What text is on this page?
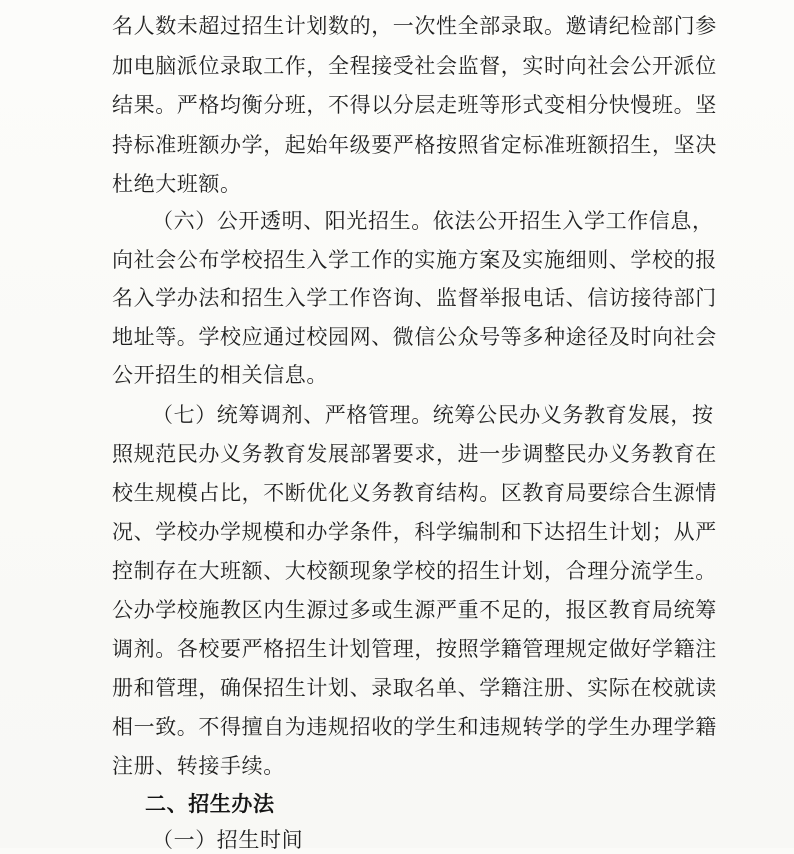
名人数未超过招生计划数的，一次性全部录取。邀请纪检部门参
加电脑派位录取工作，全程接受社会监督，实时向社会公开派位
结果。严格均衡分班，不得以分层走班等形式变相分快慢班。坚
持标准班额办学，起始年级要严格按照省定标准班额招生，坚决
杜绝大班额。
（六）公开透明、阳光招生。依法公开招生入学工作信息，
向社会公布学校招生入学工作的实施方案及实施细则、学校的报
名入学办法和招生入学工作咨询、监督举报电话、信访接待部门
地址等。学校应通过校园网、微信公众号等多种途径及时向社会
公开招生的相关信息。
（七）统筹调剂、严格管理。统筹公民办义务教育发展，按
照规范民办义务教育发展部署要求，进一步调整民办义务教育在
校生规模占比，不断优化义务教育结构。区教育局要综合生源情
况、学校办学规模和办学条件，科学编制和下达招生计划；从严
控制存在大班额、大校额现象学校的招生计划，合理分流学生。
公办学校施教区内生源过多或生源严重不足的，报区教育局统筹
调剂。各校要严格招生计划管理，按照学籍管理规定做好学籍注
册和管理，确保招生计划、录取名单、学籍注册、实际在校就读
相一致。不得擅自为违规招收的学生和违规转学的学生办理学籍
注册、转接手续。
二、招生办法
（一）招生时间
